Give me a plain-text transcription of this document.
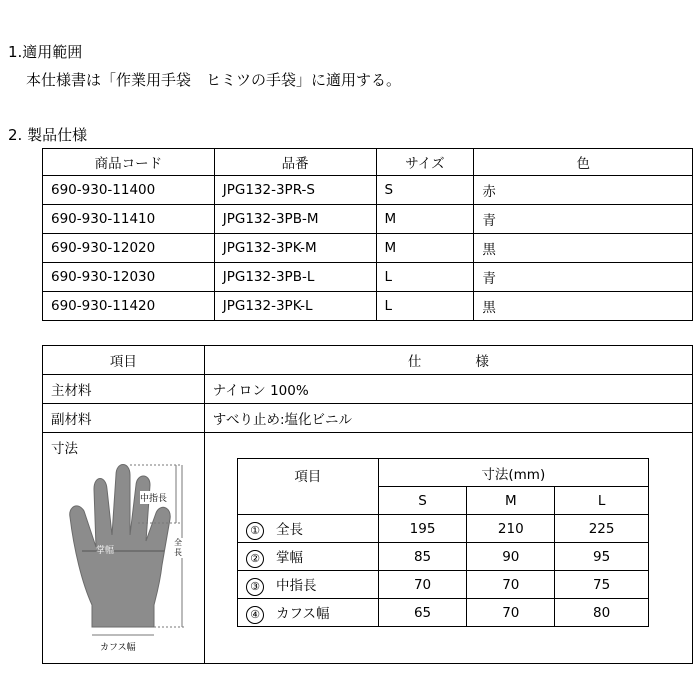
1.適用範囲
本仕様書は「作業用手袋　ヒミツの手袋」に適用する。
2. 製品仕様
商品コード	品番	サイズ	色
690-930-11400	JPG132-3PR-S	S	赤
690-930-11410	JPG132-3PB-M	M	青
690-930-12020	JPG132-3PK-M	M	黒
690-930-12030	JPG132-3PB-L	L	青
690-930-11420	JPG132-3PK-L	L	黒
項目	仕　　　　様
主材料	ナイロン 100%
副材料	すべり止め:塩化ビニル
寸法	
中指長
掌幅
全長
カフス幅
項目	寸法(mm)		
	S	M	L
① 全長	195	210	225
② 掌幅	85	90	95
③ 中指長	70	70	75
④ カフス幅	65	70	80
